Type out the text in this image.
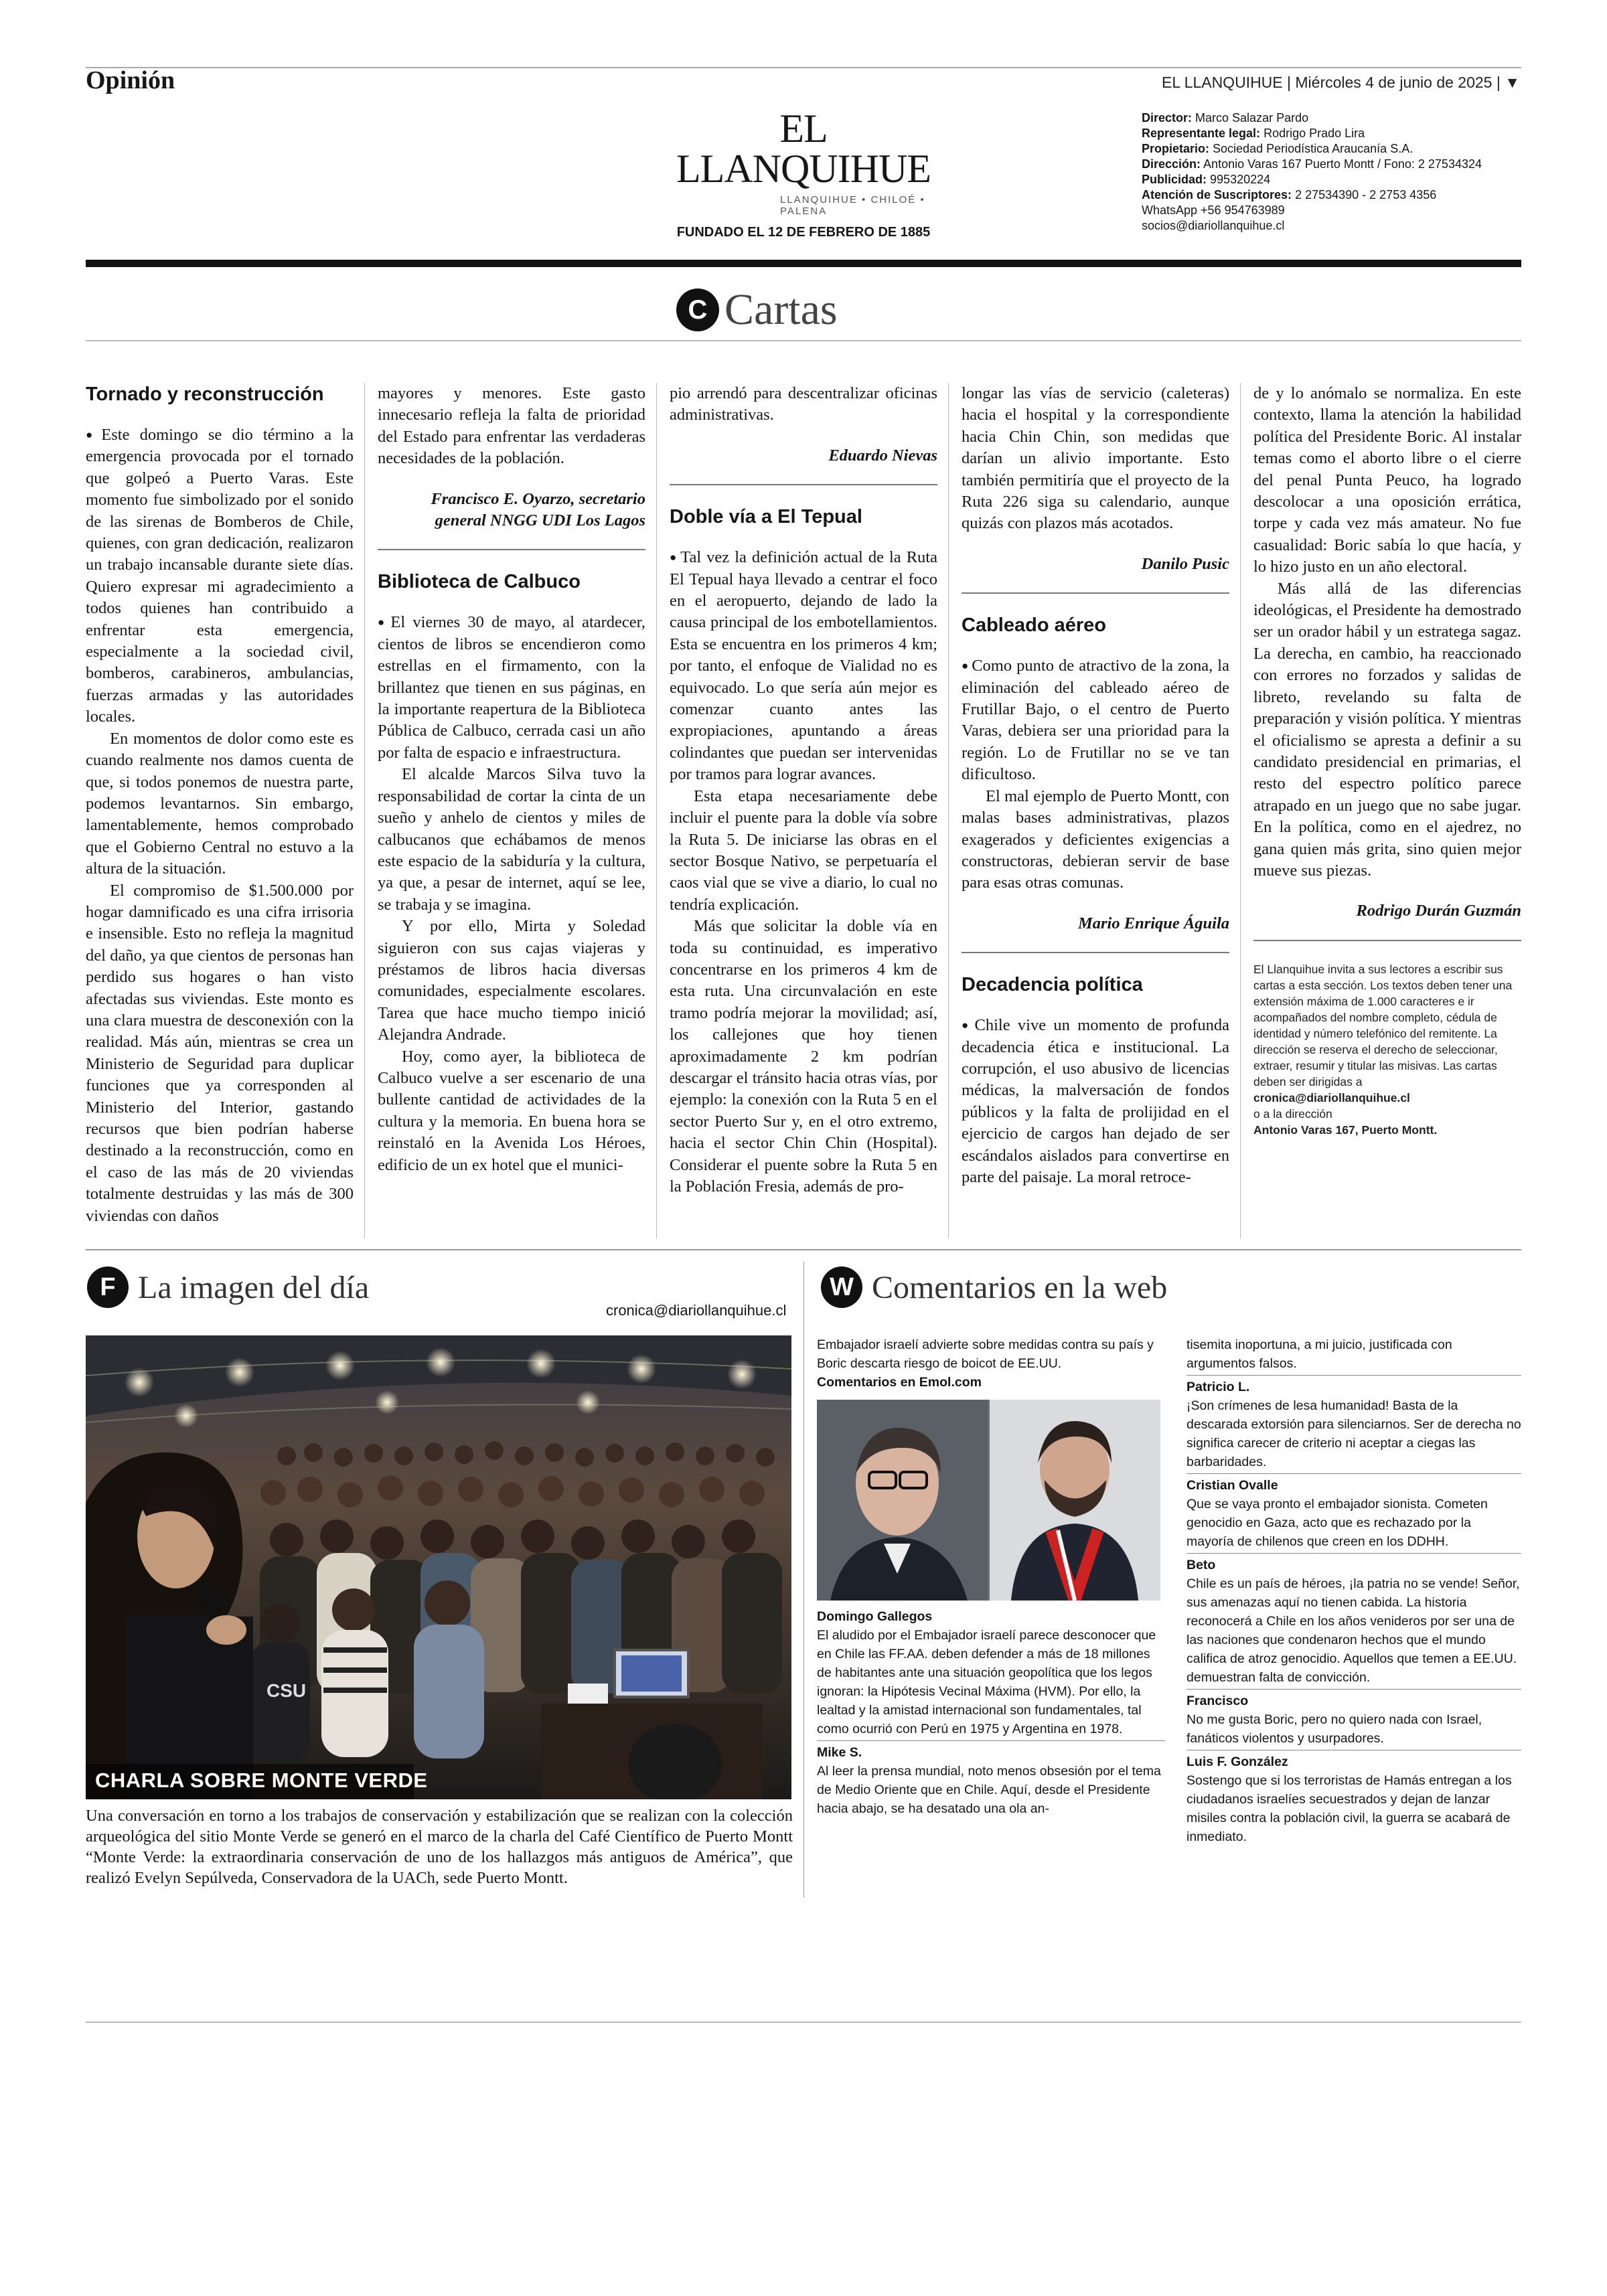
Opinión	EL LLANQUIHUE | Miércoles 4 de junio de 2025 | ▼
EL LLANQUIHUE
LLANQUIHUE • CHILOÉ • PALENA
FUNDADO EL 12 DE FEBRERO DE 1885
Director: Marco Salazar Pardo
Representante legal: Rodrigo Prado Lira
Propietario: Sociedad Periodística Araucanía S.A.
Dirección: Antonio Varas 167 Puerto Montt / Fono: 2 27534324
Publicidad: 995320224
Atención de Suscriptores: 2 27534390 - 2 2753 4356
WhatsApp +56 954763989
socios@diariollanquihue.cl
C Cartas
Tornado y reconstrucción

● Este domingo se dio término a la emergencia provocada por el tornado que golpeó a Puerto Varas. Este momento fue simbolizado por el sonido de las sirenas de Bomberos de Chile, quienes, con gran dedicación, realizaron un trabajo incansable durante siete días. Quiero expresar mi agradecimiento a todos quienes han contribuido a enfrentar esta emergencia, especialmente a la sociedad civil, bomberos, carabineros, ambulancias, fuerzas armadas y las autoridades locales.

En momentos de dolor como este es cuando realmente nos damos cuenta de que, si todos ponemos de nuestra parte, podemos levantarnos. Sin embargo, lamentablemente, hemos comprobado que el Gobierno Central no estuvo a la altura de la situación.

El compromiso de $1.500.000 por hogar damnificado es una cifra irrisoria e insensible. Esto no refleja la magnitud del daño, ya que cientos de personas han perdido sus hogares o han visto afectadas sus viviendas. Este monto es una clara muestra de desconexión con la realidad. Más aún, mientras se crea un Ministerio de Seguridad para duplicar funciones que ya corresponden al Ministerio del Interior, gastando recursos que bien podrían haberse destinado a la reconstrucción, como en el caso de las más de 20 viviendas totalmente destruidas y las más de 300 viviendas con daños

mayores y menores. Este gasto innecesario refleja la falta de prioridad del Estado para enfrentar las verdaderas necesidades de la población.

Francisco E. Oyarzo, secretario general NNGG UDI Los Lagos

Biblioteca de Calbuco

● El viernes 30 de mayo, al atardecer, cientos de libros se encendieron como estrellas en el firmamento, con la brillantez que tienen en sus páginas, en la importante reapertura de la Biblioteca Pública de Calbuco, cerrada casi un año por falta de espacio e infraestructura.

El alcalde Marcos Silva tuvo la responsabilidad de cortar la cinta de un sueño y anhelo de cientos y miles de calbucanos que echábamos de menos este espacio de la sabiduría y la cultura, ya que, a pesar de internet, aquí se lee, se trabaja y se imagina.

Y por ello, Mirta y Soledad siguieron con sus cajas viajeras y préstamos de libros hacia diversas comunidades, especialmente escolares. Tarea que hace mucho tiempo inició Alejandra Andrade.

Hoy, como ayer, la biblioteca de Calbuco vuelve a ser escenario de una bullente cantidad de actividades de la cultura y la memoria. En buena hora se reinstaló en la Avenida Los Héroes, edificio de un ex hotel que el munici-

pio arrendó para descentralizar oficinas administrativas.

Eduardo Nievas

Doble vía a El Tepual

● Tal vez la definición actual de la Ruta El Tepual haya llevado a centrar el foco en el aeropuerto, dejando de lado la causa principal de los embotellamientos. Esta se encuentra en los primeros 4 km; por tanto, el enfoque de Vialidad no es equivocado. Lo que sería aún mejor es comenzar cuanto antes las expropiaciones, apuntando a áreas colindantes que puedan ser intervenidas por tramos para lograr avances.

Esta etapa necesariamente debe incluir el puente para la doble vía sobre la Ruta 5. De iniciarse las obras en el sector Bosque Nativo, se perpetuaría el caos vial que se vive a diario, lo cual no tendría explicación.

Más que solicitar la doble vía en toda su continuidad, es imperativo concentrarse en los primeros 4 km de esta ruta. Una circunvalación en este tramo podría mejorar la movilidad; así, los callejones que hoy tienen aproximadamente 2 km podrían descargar el tránsito hacia otras vías, por ejemplo: la conexión con la Ruta 5 en el sector Puerto Sur y, en el otro extremo, hacia el sector Chin Chin (Hospital). Considerar el puente sobre la Ruta 5 en la Población Fresia, además de pro-

longar las vías de servicio (caleteras) hacia el hospital y la correspondiente hacia Chin Chin, son medidas que darían un alivio importante. Esto también permitiría que el proyecto de la Ruta 226 siga su calendario, aunque quizás con plazos más acotados.

Danilo Pusic

Cableado aéreo

● Como punto de atractivo de la zona, la eliminación del cableado aéreo de Frutillar Bajo, o el centro de Puerto Varas, debiera ser una prioridad para la región. Lo de Frutillar no se ve tan dificultoso.

El mal ejemplo de Puerto Montt, con malas bases administrativas, plazos exagerados y deficientes exigencias a constructoras, debieran servir de base para esas otras comunas.

Mario Enrique Águila

Decadencia política

● Chile vive un momento de profunda decadencia ética e institucional. La corrupción, el uso abusivo de licencias médicas, la malversación de fondos públicos y la falta de prolijidad en el ejercicio de cargos han dejado de ser escándalos aislados para convertirse en parte del paisaje. La moral retroce-

de y lo anómalo se normaliza. En este contexto, llama la atención la habilidad política del Presidente Boric. Al instalar temas como el aborto libre o el cierre del penal Punta Peuco, ha logrado descolocar a una oposición errática, torpe y cada vez más amateur. No fue casualidad: Boric sabía lo que hacía, y lo hizo justo en un año electoral.

Más allá de las diferencias ideológicas, el Presidente ha demostrado ser un orador hábil y un estratega sagaz. La derecha, en cambio, ha reaccionado con errores no forzados y salidas de libreto, revelando su falta de preparación y visión política. Y mientras el oficialismo se apresta a definir a su candidato presidencial en primarias, el resto del espectro político parece atrapado en un juego que no sabe jugar. En la política, como en el ajedrez, no gana quien más grita, sino quien mejor mueve sus piezas.

Rodrigo Durán Guzmán

El Llanquihue invita a sus lectores a escribir sus cartas a esta sección. Los textos deben tener una extensión máxima de 1.000 caracteres e ir acompañados del nombre completo, cédula de identidad y número telefónico del remitente. La dirección se reserva el derecho de seleccionar, extraer, resumir y titular las misivas. Las cartas deben ser dirigidas a
cronica@diariollanquihue.cl
o a la dirección
Antonio Varas 167, Puerto Montt.
F La imagen del día
cronica@diariollanquihue.cl
CSU
CHARLA SOBRE MONTE VERDE
Una conversación en torno a los trabajos de conservación y estabilización que se realizan con la colección arqueológica del sitio Monte Verde se generó en el marco de la charla del Café Científico de Puerto Montt “Monte Verde: la extraordinaria conservación de uno de los hallazgos más antiguos de América”, que realizó Evelyn Sepúlveda, Conservadora de la UACh, sede Puerto Montt.
W Comentarios en la web
Embajador israelí advierte sobre medidas contra su país y Boric descarta riesgo de boicot de EE.UU.
Comentarios en Emol.com
Domingo Gallegos
El aludido por el Embajador israelí parece desconocer que en Chile las FF.AA. deben defender a más de 18 millones de habitantes ante una situación geopolítica que los legos ignoran: la Hipótesis Vecinal Máxima (HVM). Por ello, la lealtad y la amistad internacional son fundamentales, tal como ocurrió con Perú en 1975 y Argentina en 1978.
Mike S.
Al leer la prensa mundial, noto menos obsesión por el tema de Medio Oriente que en Chile. Aquí, desde el Presidente hacia abajo, se ha desatado una ola an-
tisemita inoportuna, a mi juicio, justificada con argumentos falsos.
Patricio L.
¡Son crímenes de lesa humanidad! Basta de la descarada extorsión para silenciarnos. Ser de derecha no significa carecer de criterio ni aceptar a ciegas las barbaridades.
Cristian Ovalle
Que se vaya pronto el embajador sionista. Cometen genocidio en Gaza, acto que es rechazado por la mayoría de chilenos que creen en los DDHH.
Beto
Chile es un país de héroes, ¡la patria no se vende! Señor, sus amenazas aquí no tienen cabida. La historia reconocerá a Chile en los años venideros por ser una de las naciones que condenaron hechos que el mundo califica de atroz genocidio. Aquellos que temen a EE.UU. demuestran falta de convicción.
Francisco
No me gusta Boric, pero no quiero nada con Israel, fanáticos violentos y usurpadores.
Luis F. González
Sostengo que si los terroristas de Hamás entregan a los ciudadanos israelíes secuestrados y dejan de lanzar misiles contra la población civil, la guerra se acabará de inmediato.
